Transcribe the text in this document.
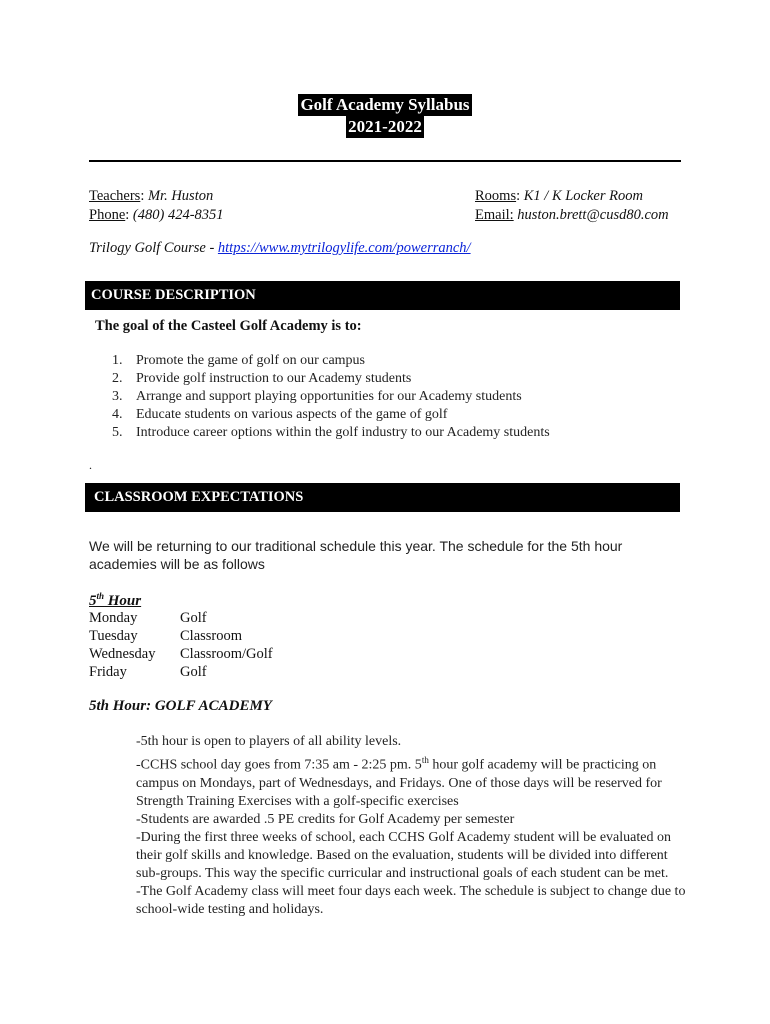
Golf Academy Syllabus
2021-2022
Teachers: Mr. Huston
Phone: (480) 424-8351
Rooms: K1 / K Locker Room
Email: huston.brett@cusd80.com
Trilogy Golf Course - https://www.mytrilogylife.com/powerranch/
COURSE DESCRIPTION
The goal of the Casteel Golf Academy is to:
1. Promote the game of golf on our campus
2. Provide golf instruction to our Academy students
3. Arrange and support playing opportunities for our Academy students
4. Educate students on various aspects of the game of golf
5. Introduce career options within the golf industry to our Academy students
.
CLASSROOM EXPECTATIONS
We will be returning to our traditional schedule this year. The schedule for the 5th hour academies will be as follows
5th Hour
Monday	Golf
Tuesday	Classroom
Wednesday	Classroom/Golf
Friday	Golf
5th Hour: GOLF ACADEMY
-5th hour is open to players of all ability levels.
-CCHS school day goes from 7:35 am - 2:25 pm. 5th hour golf academy will be practicing on campus on Mondays, part of Wednesdays, and Fridays. One of those days will be reserved for Strength Training Exercises with a golf-specific exercises
-Students are awarded .5 PE credits for Golf Academy per semester
-During the first three weeks of school, each CCHS Golf Academy student will be evaluated on their golf skills and knowledge. Based on the evaluation, students will be divided into different sub-groups. This way the specific curricular and instructional goals of each student can be met.
-The Golf Academy class will meet four days each week. The schedule is subject to change due to school-wide testing and holidays.
